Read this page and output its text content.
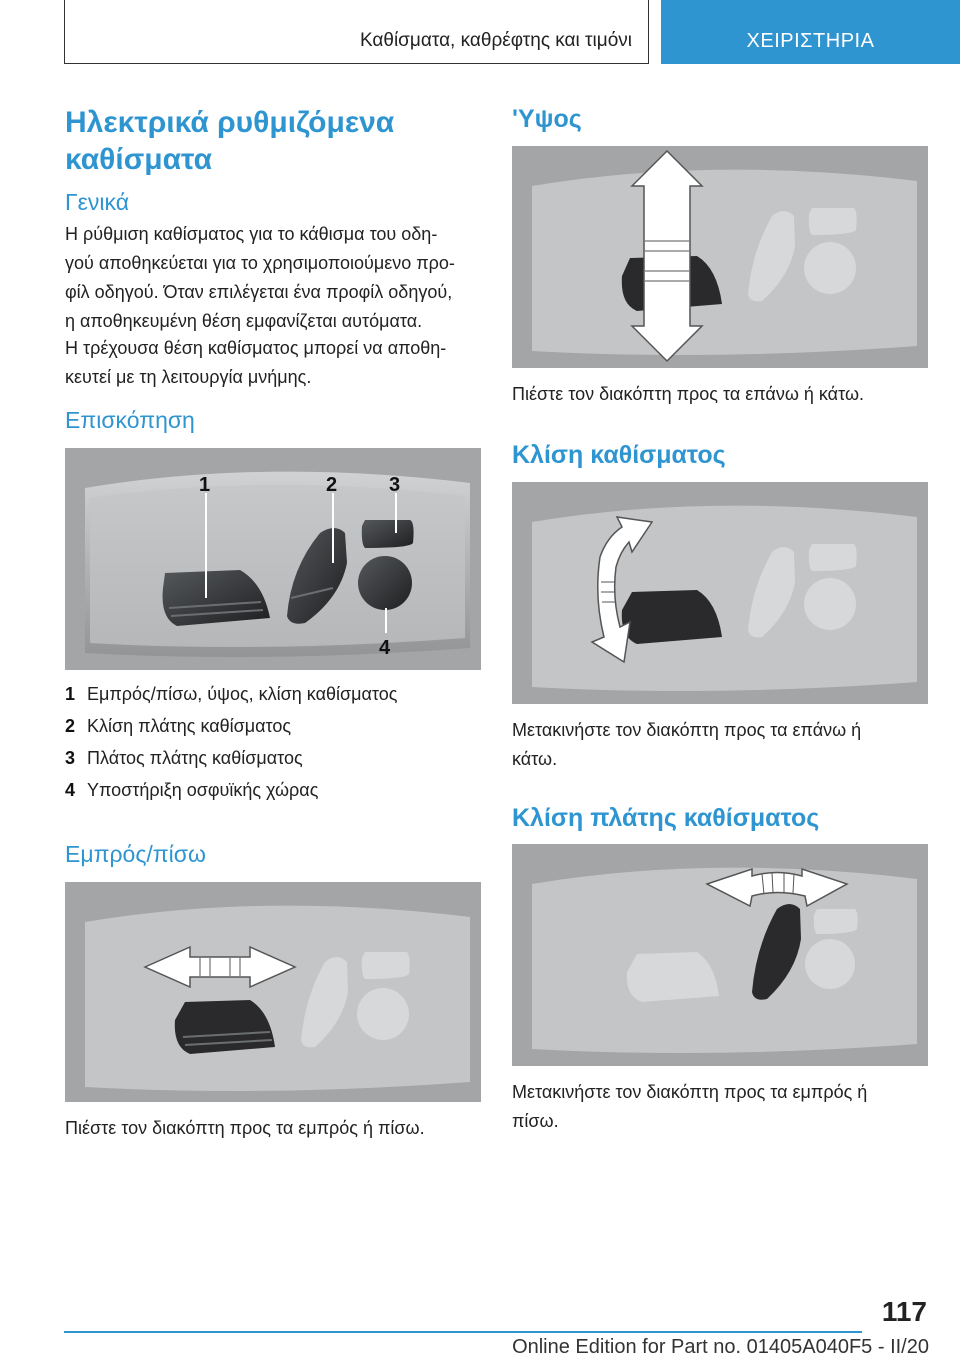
Καθίσματα, καθρέφτης και τιμόνι	ΧΕΙΡΙΣΤΗΡΙΑ
Ηλεκτρικά ρυθμιζόμενα καθίσματα
Γενικά

Η ρύθμιση καθίσματος για το κάθισμα του οδη-

γού αποθηκεύεται για το χρησιμοποιούμενο προ-

φίλ οδηγού. Όταν επιλέγεται ένα προφίλ οδηγού,

η αποθηκευμένη θέση εμφανίζεται αυτόματα.

Η τρέχουσα θέση καθίσματος μπορεί να αποθη-

κευτεί με τη λειτουργία μνήμης.

Επισκόπηση
1	2	3
4
1 Εμπρός/πίσω, ύψος, κλίση καθίσματος
2 Κλίση πλάτης καθίσματος
3 Πλάτος πλάτης καθίσματος
4 Υποστήριξη οσφυϊκής χώρας
Εμπρός/πίσω

Πιέστε τον διακόπτη προς τα εμπρός ή πίσω.

'Υψος

Πιέστε τον διακόπτη προς τα επάνω ή κάτω.

Κλίση καθίσματος

Μετακινήστε τον διακόπτη προς τα επάνω ή

κάτω.

Κλίση πλάτης καθίσματος

Μετακινήστε τον διακόπτη προς τα εμπρός ή

πίσω.

117
Online Edition for Part no. 01405A040F5 - II/20
